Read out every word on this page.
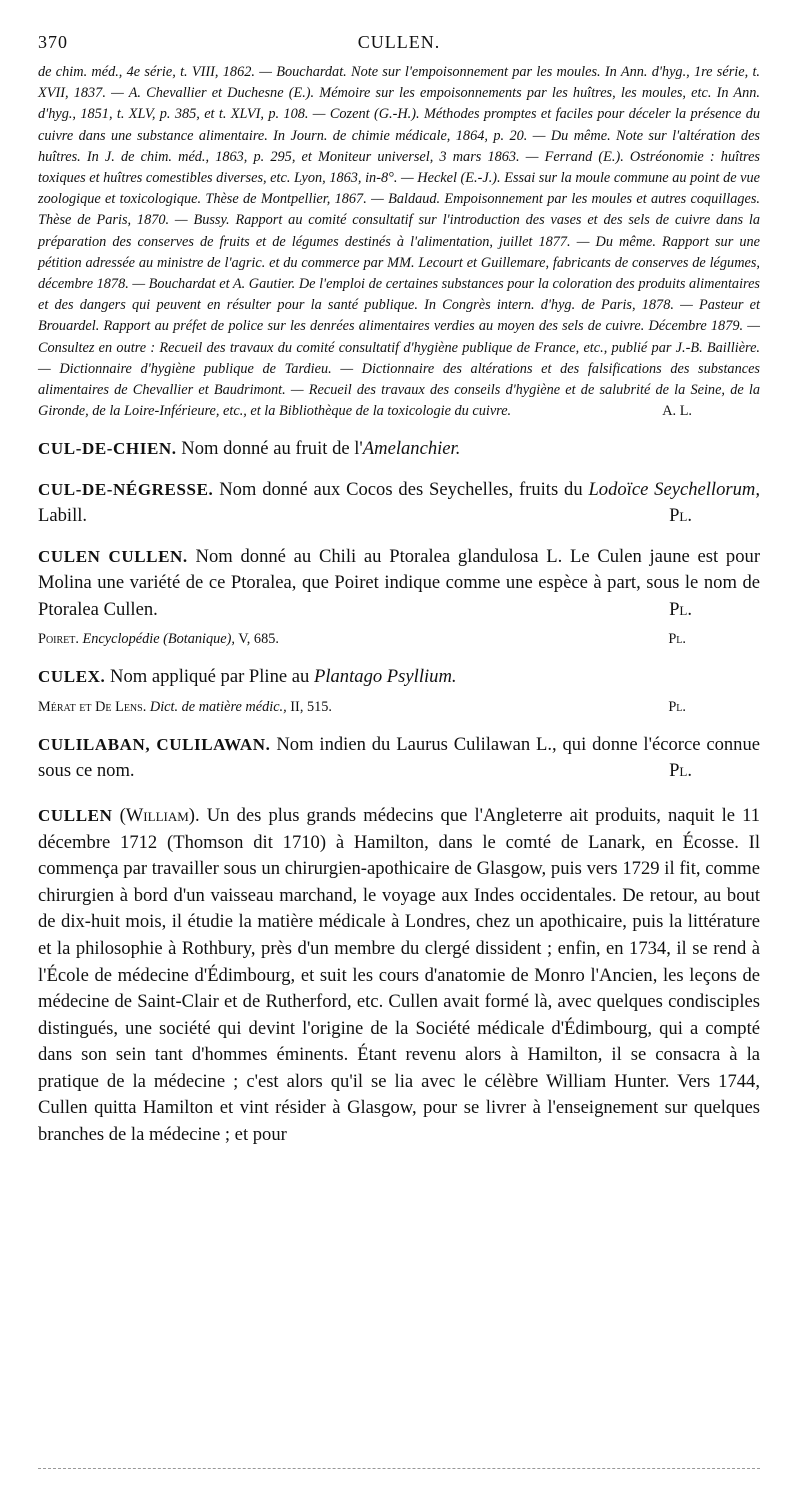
370	CULLEN.
de chim. méd., 4e série, t. VIII, 1862. — Bouchardat. Note sur l'empoisonnement par les moules. In Ann. d'hyg., 1re série, t. XVII, 1837. — A. Chevallier et Duchesne (E.). Mémoire sur les empoisonnements par les huîtres, les moules, etc. In Ann. d'hyg., 1851, t. XLV, p. 385, et t. XLVI, p. 108. — Cozent (G.-H.). Méthodes promptes et faciles pour déceler la présence du cuivre dans une substance alimentaire. In Journ. de chimie médicale, 1864, p. 20. — Du même. Note sur l'altération des huîtres. In J. de chim. méd., 1863, p. 295, et Moniteur universel, 3 mars 1863. — Ferrand (E.). Ostréonomie : huîtres toxiques et huîtres comestibles diverses, etc. Lyon, 1863, in-8°. — Heckel (E.-J.). Essai sur la moule commune au point de vue zoologique et toxicologique. Thèse de Montpellier, 1867. — Baldaud. Empoisonnement par les moules et autres coquillages. Thèse de Paris, 1870. — Bussy. Rapport au comité consultatif sur l'introduction des vases et des sels de cuivre dans la préparation des conserves de fruits et de légumes destinés à l'alimentation, juillet 1877. — Du même. Rapport sur une pétition adressée au ministre de l'agric. et du commerce par MM. Lecourt et Guillemare, fabricants de conserves de légumes, décembre 1878. — Bouchardat et A. Gautier. De l'emploi de certaines substances pour la coloration des produits alimentaires et des dangers qui peuvent en résulter pour la santé publique. In Congrès intern. d'hyg. de Paris, 1878. — Pasteur et Brouardel. Rapport au préfet de police sur les denrées alimentaires verdies au moyen des sels de cuivre. Décembre 1879. — Consultez en outre : Recueil des travaux du comité consultatif d'hygiène publique de France, etc., publié par J.-B. Baillière. — Dictionnaire d'hygiène publique de Tardieu. — Dictionnaire des altérations et des falsifications des substances alimentaires de Chevallier et Baudrimont. — Recueil des travaux des conseils d'hygiène et de salubrité de la Seine, de la Gironde, de la Loire-Inférieure, etc., et la Bibliothèque de la toxicologie du cuivre.	A. L.
CUL-DE-CHIEN. Nom donné au fruit de l'Amelanchier.
CUL-DE-NÉGRESSE. Nom donné aux Cocos des Seychelles, fruits du Lodoïce Seychellorum, Labill.	Pl.
CULEN CULLEN. Nom donné au Chili au Ptoralea glandulosa L. Le Culen jaune est pour Molina une variété de ce Ptoralea, que Poiret indique comme une espèce à part, sous le nom de Ptoralea Cullen.	Pl.
Poiret. Encyclopédie (Botanique), V, 685.	Pl.
CULEX. Nom appliqué par Pline au Plantago Psyllium.
Mérat et De Lens. Dict. de matière médic., II, 515.	Pl.
CULILABAN, CULILAWAN. Nom indien du Laurus Culilawan L., qui donne l'écorce connue sous ce nom.	Pl.
CULLEN (William). Un des plus grands médecins que l'Angleterre ait produits, naquit le 11 décembre 1712 (Thomson dit 1710) à Hamilton, dans le comté de Lanark, en Écosse. Il commença par travailler sous un chirurgien-apothicaire de Glasgow, puis vers 1729 il fit, comme chirurgien à bord d'un vaisseau marchand, le voyage aux Indes occidentales. De retour, au bout de dix-huit mois, il étudie la matière médicale à Londres, chez un apothicaire, puis la littérature et la philosophie à Rothbury, près d'un membre du clergé dissident ; enfin, en 1734, il se rend à l'École de médecine d'Édimbourg, et suit les cours d'anatomie de Monro l'Ancien, les leçons de médecine de Saint-Clair et de Rutherford, etc. Cullen avait formé là, avec quelques condisciples distingués, une société qui devint l'origine de la Société médicale d'Édimbourg, qui a compté dans son sein tant d'hommes éminents. Étant revenu alors à Hamilton, il se consacra à la pratique de la médecine ; c'est alors qu'il se lia avec le célèbre William Hunter. Vers 1744, Cullen quitta Hamilton et vint résider à Glasgow, pour se livrer à l'enseignement sur quelques branches de la médecine ; et pour
